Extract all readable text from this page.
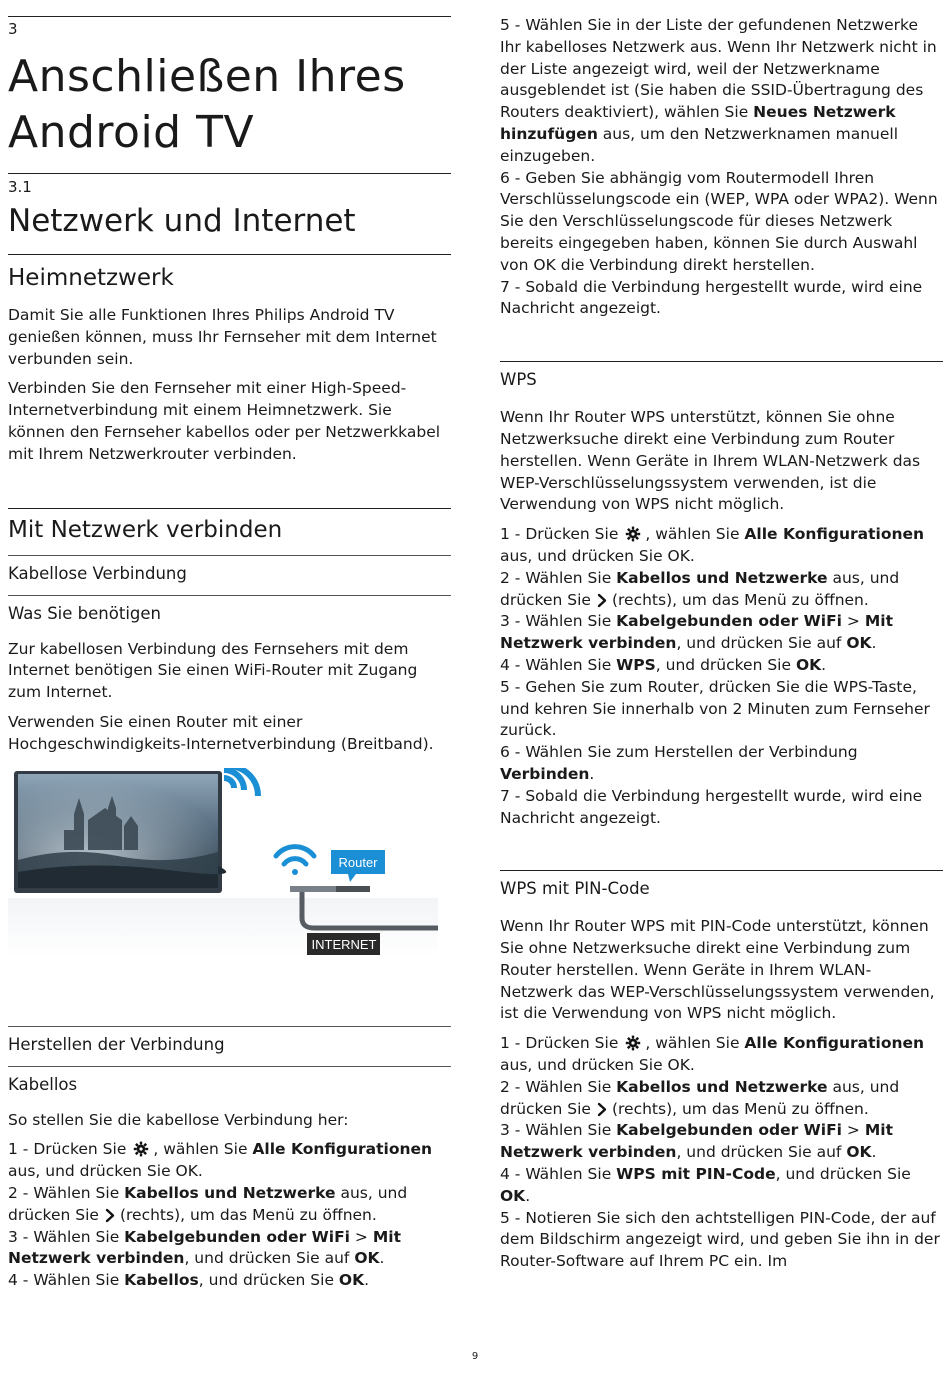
3
Anschließen Ihres
Android TV
3.1
Netzwerk und Internet
Heimnetzwerk

Damit Sie alle Funktionen Ihres Philips Android TV genießen können, muss Ihr Fernseher mit dem Internet verbunden sein.

Verbinden Sie den Fernseher mit einer High-Speed-Internetverbindung mit einem Heimnetzwerk. Sie können den Fernseher kabellos oder per Netzwerkkabel mit Ihrem Netzwerkrouter verbinden.

Mit Netzwerk verbinden
Kabellose Verbindung
Was Sie benötigen

Zur kabellosen Verbindung des Fernsehers mit dem Internet benötigen Sie einen WiFi-Router mit Zugang zum Internet.

Verwenden Sie einen Router mit einer Hochgeschwindigkeits-Internetverbindung (Breitband).

Router
INTERNET
Herstellen der Verbindung
Kabellos

So stellen Sie die kabellose Verbindung her:

1 - Drücken Sie , wählen Sie Alle Konfigurationen aus, und drücken Sie OK.

2 - Wählen Sie Kabellos und Netzwerke aus, und drücken Sie (rechts), um das Menü zu öffnen.

3 - Wählen Sie Kabelgebunden oder WiFi > Mit Netzwerk verbinden, und drücken Sie auf OK.

4 - Wählen Sie Kabellos, und drücken Sie OK.

5 - Wählen Sie in der Liste der gefundenen Netzwerke Ihr kabelloses Netzwerk aus. Wenn Ihr Netzwerk nicht in der Liste angezeigt wird, weil der Netzwerkname ausgeblendet ist (Sie haben die SSID-Übertragung des Routers deaktiviert), wählen Sie Neues Netzwerk hinzufügen aus, um den Netzwerknamen manuell einzugeben.

6 - Geben Sie abhängig vom Routermodell Ihren Verschlüsselungscode ein (WEP, WPA oder WPA2). Wenn Sie den Verschlüsselungscode für dieses Netzwerk bereits eingegeben haben, können Sie durch Auswahl von OK die Verbindung direkt herstellen.

7 - Sobald die Verbindung hergestellt wurde, wird eine Nachricht angezeigt.

WPS

Wenn Ihr Router WPS unterstützt, können Sie ohne Netzwerksuche direkt eine Verbindung zum Router herstellen. Wenn Geräte in Ihrem WLAN-Netzwerk das WEP-Verschlüsselungssystem verwenden, ist die Verwendung von WPS nicht möglich.

1 - Drücken Sie , wählen Sie Alle Konfigurationen aus, und drücken Sie OK.

2 - Wählen Sie Kabellos und Netzwerke aus, und drücken Sie (rechts), um das Menü zu öffnen.

3 - Wählen Sie Kabelgebunden oder WiFi > Mit Netzwerk verbinden, und drücken Sie auf OK.

4 - Wählen Sie WPS, und drücken Sie OK.

5 - Gehen Sie zum Router, drücken Sie die WPS-Taste, und kehren Sie innerhalb von 2 Minuten zum Fernseher zurück.

6 - Wählen Sie zum Herstellen der Verbindung Verbinden.

7 - Sobald die Verbindung hergestellt wurde, wird eine Nachricht angezeigt.

WPS mit PIN-Code

Wenn Ihr Router WPS mit PIN-Code unterstützt, können Sie ohne Netzwerksuche direkt eine Verbindung zum Router herstellen. Wenn Geräte in Ihrem WLAN-Netzwerk das WEP-Verschlüsselungssystem verwenden, ist die Verwendung von WPS nicht möglich.

1 - Drücken Sie , wählen Sie Alle Konfigurationen aus, und drücken Sie OK.

2 - Wählen Sie Kabellos und Netzwerke aus, und drücken Sie (rechts), um das Menü zu öffnen.

3 - Wählen Sie Kabelgebunden oder WiFi > Mit Netzwerk verbinden, und drücken Sie auf OK.

4 - Wählen Sie WPS mit PIN-Code, und drücken Sie OK.

5 - Notieren Sie sich den achtstelligen PIN-Code, der auf dem Bildschirm angezeigt wird, und geben Sie ihn in der Router-Software auf Ihrem PC ein. Im

9
